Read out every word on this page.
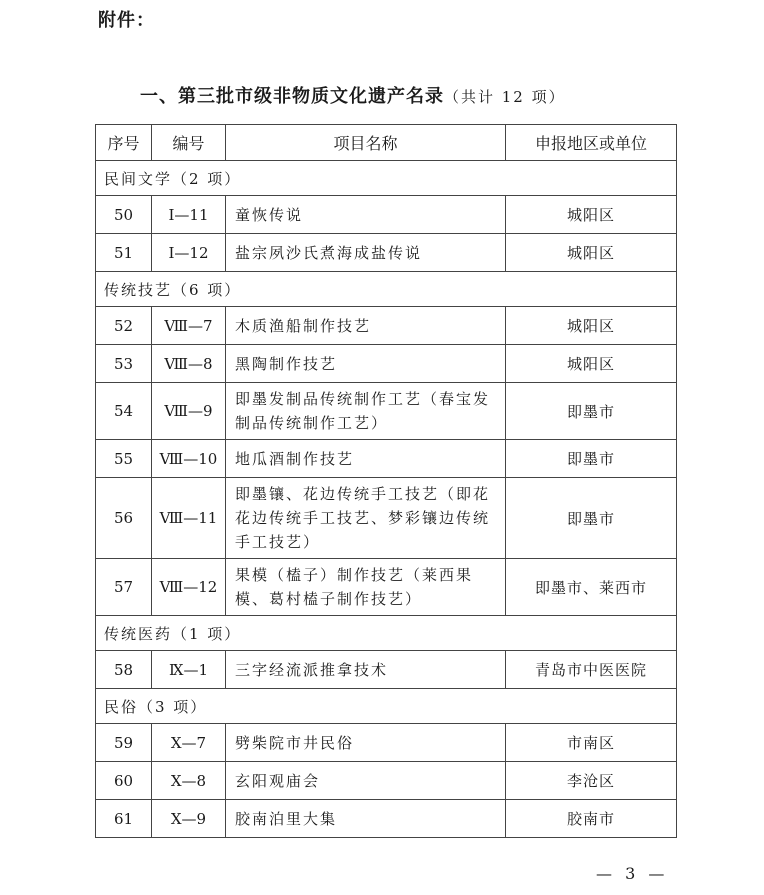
附件：
一、第三批市级非物质文化遗产名录（共计 12 项）
序号	编号	项目名称	申报地区或单位
民间文学（2 项）			
50	Ⅰ—11	童恢传说	城阳区
51	Ⅰ—12	盐宗夙沙氏煮海成盐传说	城阳区
传统技艺（6 项）			
52	Ⅷ—7	木质渔船制作技艺	城阳区
53	Ⅷ—8	黑陶制作技艺	城阳区
54	Ⅷ—9	即墨发制品传统制作工艺（春宝发制品传统制作工艺）	即墨市
55	Ⅷ—10	地瓜酒制作技艺	即墨市
56	Ⅷ—11	即墨镶、花边传统手工技艺（即花花边传统手工技艺、梦彩镶边传统手工技艺）	即墨市
57	Ⅷ—12	果模（榼子）制作技艺（莱西果模、葛村榼子制作技艺）	即墨市、莱西市
传统医药（1 项）			
58	Ⅸ—1	三字经流派推拿技术	青岛市中医医院
民俗（3 项）			
59	Ⅹ—7	劈柴院市井民俗	市南区
60	Ⅹ—8	玄阳观庙会	李沧区
61	Ⅹ—9	胶南泊里大集	胶南市
— 3 —
